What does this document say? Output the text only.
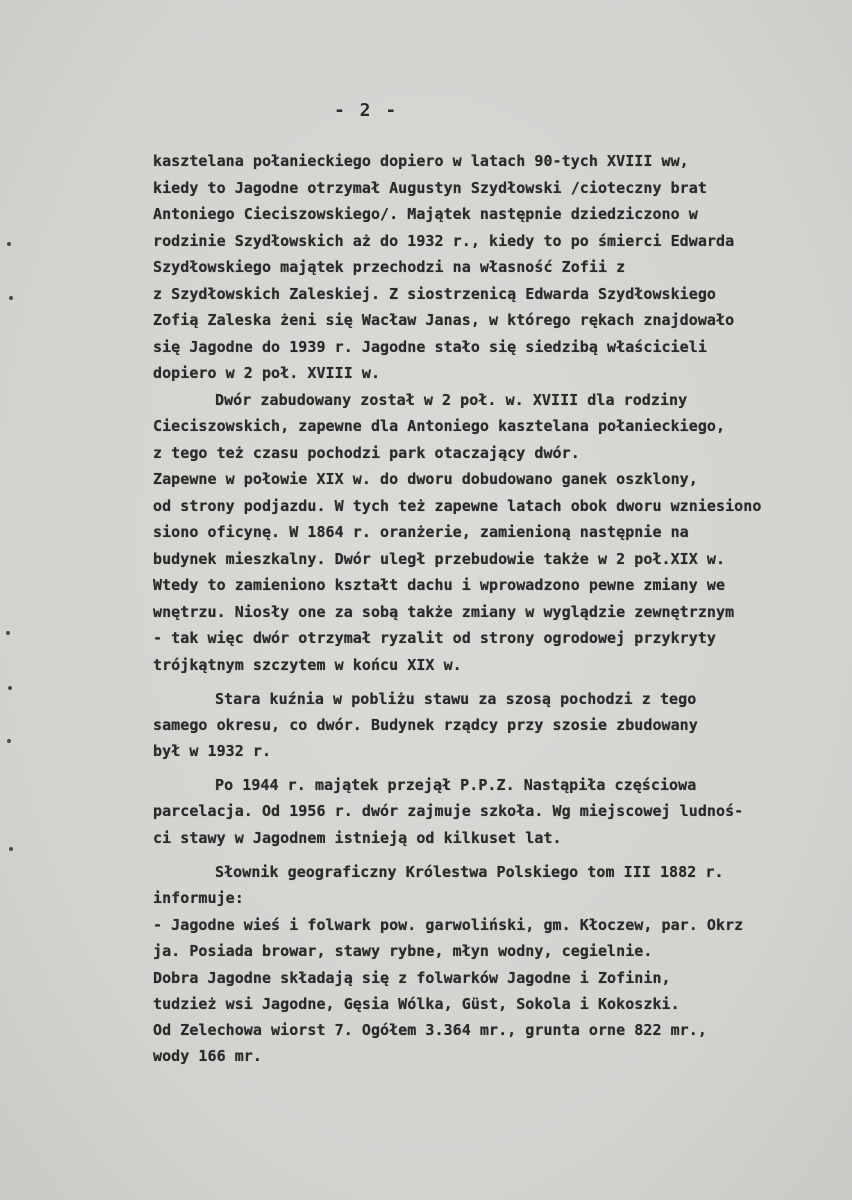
- 2 -
kasztelana połanieckiego dopiero w latach 90-tych XVIII ww,
kiedy to Jagodne otrzymał Augustyn Szydłowski /cioteczny brat
Antoniego Cieciszowskiego/. Majątek następnie dziedziczono w
rodzinie Szydłowskich aż do 1932 r., kiedy to po śmierci Edwarda
Szydłowskiego majątek przechodzi na własność Zofii z
z Szydłowskich Zaleskiej. Z siostrzenicą Edwarda Szydłowskiego
Zofią Zaleska żeni się Wacław Janas, w którego rękach znajdowało
się Jagodne do 1939 r. Jagodne stało się siedzibą właścicieli
dopiero w 2 poł. XVIII w.
Dwór zabudowany został w 2 poł. w. XVIII dla rodziny
Cieciszowskich, zapewne dla Antoniego kasztelana połanieckiego,
z tego też czasu pochodzi park otaczający dwór.
Zapewne w połowie XIX w. do dworu dobudowano ganek oszklony,
od strony podjazdu. W tych też zapewne latach obok dworu wzniesiono
siono oficynę. W 1864 r. oranżerie, zamienioną następnie na
budynek mieszkalny. Dwór uległ przebudowie także w 2 poł.XIX w.
Wtedy to zamieniono kształt dachu i wprowadzono pewne zmiany we
wnętrzu. Niosły one za sobą także zmiany w wyglądzie zewnętrznym
- tak więc dwór otrzymał ryzalit od strony ogrodowej przykryty
trójkątnym szczytem w końcu XIX w.
Stara kuźnia w pobliżu stawu za szosą pochodzi z tego
samego okresu, co dwór. Budynek rządcy przy szosie zbudowany
był w 1932 r.
Po 1944 r. majątek przejął P.P.Z. Nastąpiła częściowa
parcelacja. Od 1956 r. dwór zajmuje szkoła. Wg miejscowej ludnoś-
ci stawy w Jagodnem istnieją od kilkuset lat.
Słownik geograficzny Królestwa Polskiego tom III 1882 r.
informuje:
- Jagodne wieś i folwark pow. garwoliński, gm. Kłoczew, par. Okrz
ja. Posiada browar, stawy rybne, młyn wodny, cegielnie.
Dobra Jagodne składają się z folwarków Jagodne i Zofinin,
tudzież wsi Jagodne, Gęsia Wólka, Güst, Sokola i Kokoszki.
Od Zelechowa wiorst 7. Ogółem 3.364 mr., grunta orne 822 mr.,
wody 166 mr.
